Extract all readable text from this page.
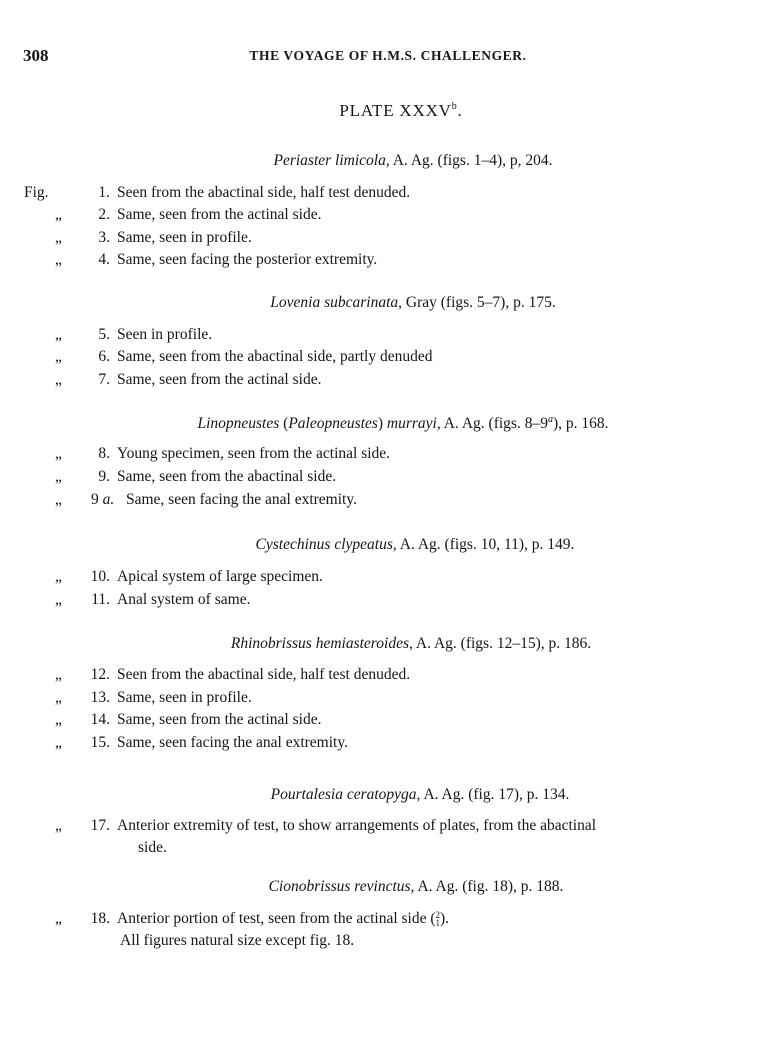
308	THE VOYAGE OF H.M.S. CHALLENGER.
PLATE XXXV$^b$.
Periaster limicola, A. Ag. (figs. 1–4), p, 204.
Fig.	1. Seen from the abactinal side, half test denuded.
„ 2. Same, seen from the actinal side.
„ 3. Same, seen in profile.
„ 4. Same, seen facing the posterior extremity.
Lovenia subcarinata, Gray (figs. 5–7), p. 175.
„ 5. Seen in profile.
„ 6. Same, seen from the abactinal side, partly denuded
„ 7. Same, seen from the actinal side.
Linopneustes (Paleopneustes) murrayi, A. Ag. (figs. 8–9$^a$), p. 168.
„ 8. Young specimen, seen from the actinal side.
„ 9. Same, seen from the abactinal side.
„ 9 a. Same, seen facing the anal extremity.
Cystechinus clypeatus, A. Ag. (figs. 10, 11), p. 149.
„ 10. Apical system of large specimen.
„ 11. Anal system of same.
Rhinobrissus hemiasteroides, A. Ag. (figs. 12–15), p. 186.
„ 12. Seen from the abactinal side, half test denuded.
„ 13. Same, seen in profile.
„ 14. Same, seen from the actinal side.
„ 15. Same, seen facing the anal extremity.
Pourtalesia ceratopyga, A. Ag. (fig. 17), p. 134.
„ 17. Anterior extremity of test, to show arrangements of plates, from the abactinal
side.
Cionobrissus revinctus, A. Ag. (fig. 18), p. 188.
„ 18. Anterior portion of test, seen from the actinal side ( 2
1 ).
All figures natural size except fig. 18.
